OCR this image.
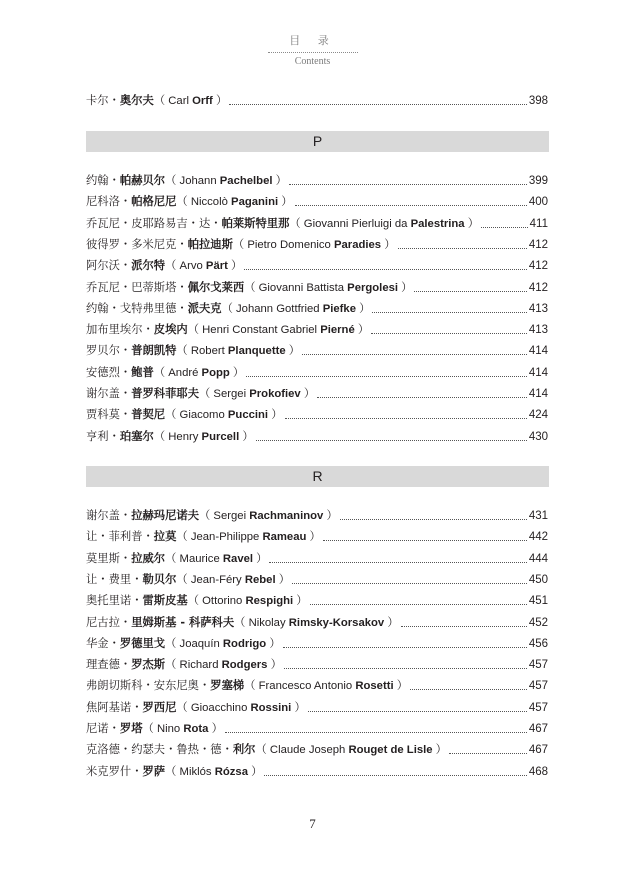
目 录
Contents
卡尔・奥尔夫 （ Carl Orff ）	398
P
约翰・帕赫贝尔 （ Johann Pachelbel ）	399
尼科洛・帕格尼尼 （ Niccolò Paganini ）	400
乔瓦尼・皮耶路易吉・达・帕莱斯特里那 （ Giovanni Pierluigi da Palestrina ）	411
彼得罗・多米尼克・帕拉迪斯 （ Pietro Domenico Paradies ）	412
阿尔沃・派尔特 （ Arvo Pärt ）	412
乔瓦尼・巴蒂斯塔・佩尔戈莱西 （ Giovanni Battista Pergolesi ）	412
约翰・戈特弗里德・派夫克 （ Johann Gottfried Piefke ）	413
加布里埃尔・皮埃内 （ Henri Constant Gabriel Pierné ）	413
罗贝尔・普朗凯特 （ Robert Planquette ）	414
安德烈・鲍普 （ André Popp ）	414
谢尔盖・普罗科菲耶夫 （ Sergei Prokofiev ）	414
贾科莫・普契尼 （ Giacomo Puccini ）	424
亨利・珀塞尔 （ Henry Purcell ）	430
R
谢尔盖・拉赫玛尼诺夫 （ Sergei Rachmaninov ）	431
让・菲利普・拉莫 （ Jean-Philippe Rameau ）	442
莫里斯・拉威尔 （ Maurice Ravel ）	444
让・费里・勒贝尔 （ Jean-Féry Rebel ）	450
奥托里诺・雷斯皮基 （ Ottorino Respighi ）	451
尼古拉・里姆斯基 - 科萨科夫 （ Nikolay Rimsky-Korsakov ）	452
华金・罗德里戈 （ Joaquín Rodrigo ）	456
理查德・罗杰斯 （ Richard Rodgers ）	457
弗朗切斯科・安东尼奥・罗塞梯 （ Francesco Antonio Rosetti ）	457
焦阿基诺・罗西尼 （ Gioacchino Rossini ）	457
尼诺・罗塔 （ Nino Rota ）	467
克洛德・约瑟夫・鲁热・德・利尔 （ Claude Joseph Rouget de Lisle ）	467
米克罗什・罗萨 （ Miklós Rózsa ）	468
7
